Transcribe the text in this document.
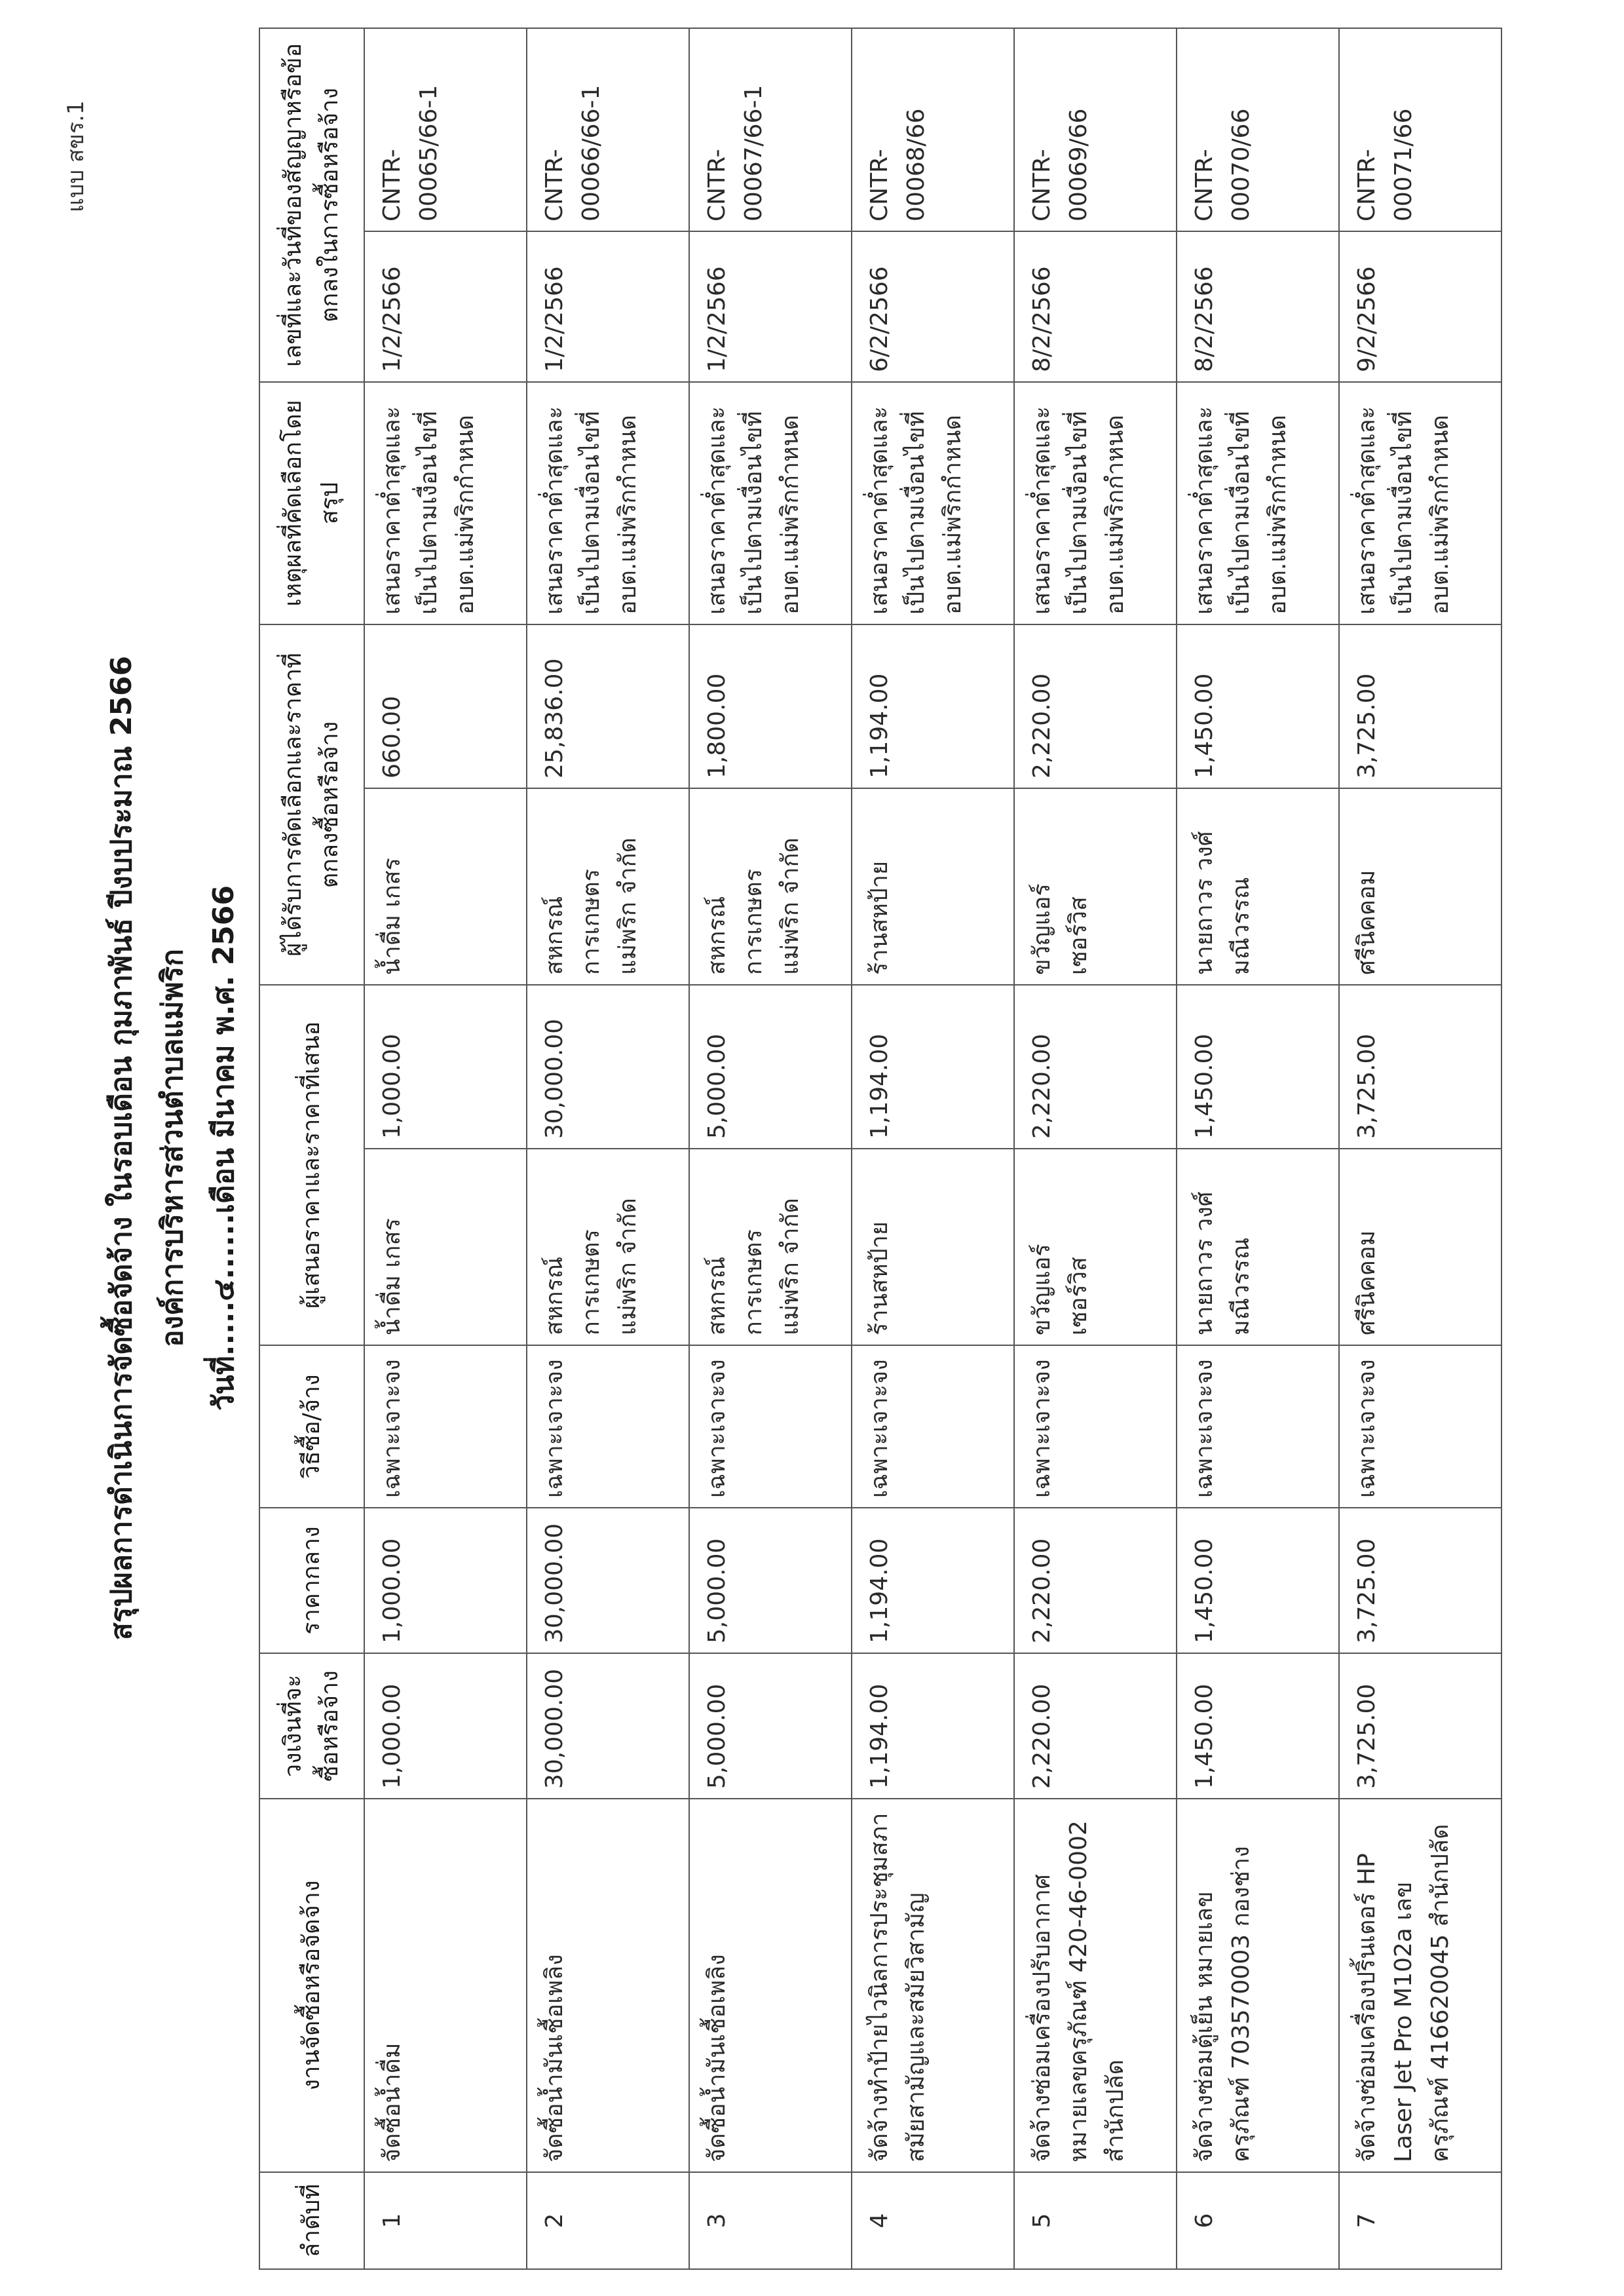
แบบ สขร.1
สรุปผลการดำเนินการจัดซื้อจัดจ้าง ในรอบเดือน กุมภาพันธ์ ปีงบประมาณ 2566 องค์การบริหารส่วนตำบลแม่พริก วันที่.....๔......เดือน มีนาคม พ.ศ. 2566
ลำดับที่	งานจัดซื้อหรือจัดจ้าง	วงเงินที่จะซื้อหรือจ้าง	ราคากลาง	วิธีซื้อ/จ้าง	ผู้เสนอราคาและราคาที่เสนอ		ผู้ได้รับการคัดเลือกและราคาที่ตกลงซื้อหรือจ้าง		เหตุผลที่คัดเลือกโดยสรุป	เลขที่และวันที่ของสัญญาหรือข้อตกลงในการซื้อหรือจ้าง	
1	จัดซื้อน้ำดื่ม	1,000.00	1,000.00	เฉพาะเจาะจง	น้ำดื่ม เกสร	1,000.00	น้ำดื่ม เกสร	660.00	เสนอราคาต่ำสุดและเป็นไปตามเงื่อนไขที่ อบต.แม่พริกกำหนด	1/2/2566	CNTR-00065/66-1
2	จัดซื้อน้ำมันเชื้อเพลิง	30,000.00	30,000.00	เฉพาะเจาะจง	สหกรณ์การเกษตร แม่พริก จำกัด	30,000.00	สหกรณ์การเกษตร แม่พริก จำกัด	25,836.00	เสนอราคาต่ำสุดและเป็นไปตามเงื่อนไขที่ อบต.แม่พริกกำหนด	1/2/2566	CNTR-00066/66-1
3	จัดซื้อน้ำมันเชื้อเพลิง	5,000.00	5,000.00	เฉพาะเจาะจง	สหกรณ์การเกษตร แม่พริก จำกัด	5,000.00	สหกรณ์การเกษตร แม่พริก จำกัด	1,800.00	เสนอราคาต่ำสุดและเป็นไปตามเงื่อนไขที่ อบต.แม่พริกกำหนด	1/2/2566	CNTR-00067/66-1
4	จัดจ้างทำป้ายไวนิลการประชุมสภาสมัยสามัญและสมัยวิสามัญ	1,194.00	1,194.00	เฉพาะเจาะจง	ร้านสหป้าย	1,194.00	ร้านสหป้าย	1,194.00	เสนอราคาต่ำสุดและเป็นไปตามเงื่อนไขที่ อบต.แม่พริกกำหนด	6/2/2566	CNTR-00068/66
5	จัดจ้างซ่อมเครื่องปรับอากาศ หมายเลขครุภัณฑ์ 420-46-0002 สำนักปลัด	2,220.00	2,220.00	เฉพาะเจาะจง	ขวัญแอร์ เซอร์วิส	2,220.00	ขวัญแอร์ เซอร์วิส	2,220.00	เสนอราคาต่ำสุดและเป็นไปตามเงื่อนไขที่ อบต.แม่พริกกำหนด	8/2/2566	CNTR-00069/66
6	จัดจ้างซ่อมตู้เย็น หมายเลขครุภัณฑ์ 703570003 กองช่าง	1,450.00	1,450.00	เฉพาะเจาะจง	นายถาวร วงศ์มณีวรรณ	1,450.00	นายถาวร วงศ์มณีวรรณ	1,450.00	เสนอราคาต่ำสุดและเป็นไปตามเงื่อนไขที่ อบต.แม่พริกกำหนด	8/2/2566	CNTR-00070/66
7	จัดจ้างซ่อมเครื่องปริ้นเตอร์ HP Laser Jet Pro M102a เลขครุภัณฑ์ 416620045 สำนักปลัด	3,725.00	3,725.00	เฉพาะเจาะจง	ศรีนิคคอม	3,725.00	ศรีนิคคอม	3,725.00	เสนอราคาต่ำสุดและเป็นไปตามเงื่อนไขที่ อบต.แม่พริกกำหนด	9/2/2566	CNTR-00071/66
